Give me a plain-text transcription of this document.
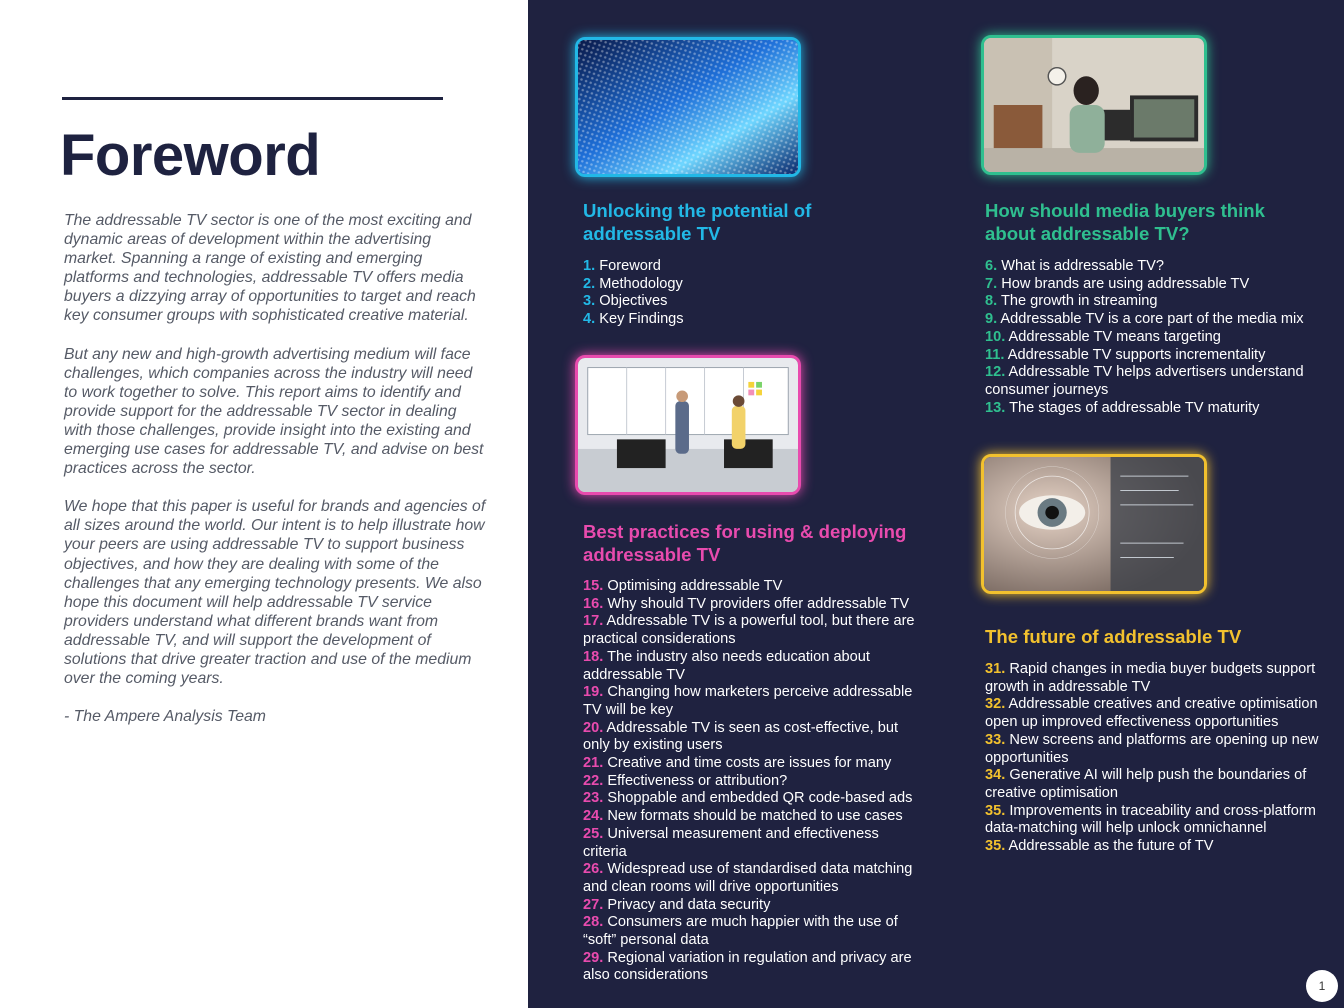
Foreword

The addressable TV sector is one of the most exciting and dynamic areas of development within the advertising market. Spanning a range of existing and emerging platforms and technologies, addressable TV offers media buyers a dizzying array of opportunities to target and reach key consumer groups with sophisticated creative material.

But any new and high-growth advertising medium will face challenges, which companies across the industry will need to work together to solve. This report aims to identify and provide support for the addressable TV sector in dealing with those challenges, provide insight into the existing and emerging use cases for addressable TV, and advise on best practices across the sector.

We hope that this paper is useful for brands and agencies of all sizes around the world. Our intent is to help illustrate how your peers are using addressable TV to support business objectives, and how they are dealing with some of the challenges that any emerging technology presents. We also hope this document will help addressable TV service providers understand what different brands want from addressable TV, and will support the development of solutions that drive greater traction and use of the medium over the coming years.

- The Ampere Analysis Team

Unlocking the potential of addressable TV
1. Foreword
2. Methodology
3. Objectives
4. Key Findings
How should media buyers think about addressable TV?
6. What is addressable TV?
7. How brands are using addressable TV
8. The growth in streaming
9. Addressable TV is a core part of the media mix
10. Addressable TV means targeting
11. Addressable TV supports incrementality
12. Addressable TV helps advertisers understand consumer journeys
13. The stages of addressable TV maturity
Best practices for using & deploying addressable TV
15. Optimising addressable TV
16. Why should TV providers offer addressable TV
17. Addressable TV is a powerful tool, but there are practical considerations
18. The industry also needs education about addressable TV
19. Changing how marketers perceive addressable TV will be key
20. Addressable TV is seen as cost-effective, but only by existing users
21. Creative and time costs are issues for many
22. Effectiveness or attribution?
23. Shoppable and embedded QR code-based ads
24. New formats should be matched to use cases
25. Universal measurement and effectiveness criteria
26. Widespread use of standardised data matching and clean rooms will drive opportunities
27. Privacy and data security
28. Consumers are much happier with the use of “soft” personal data
29. Regional variation in regulation and privacy are also considerations
The future of addressable TV
31. Rapid changes in media buyer budgets support growth in addressable TV
32. Addressable creatives and creative optimisation open up improved effectiveness opportunities
33. New screens and platforms are opening up new opportunities
34. Generative AI will help push the boundaries of creative optimisation
35. Improvements in traceability and cross-platform data-matching will help unlock omnichannel
35. Addressable as the future of TV
1
